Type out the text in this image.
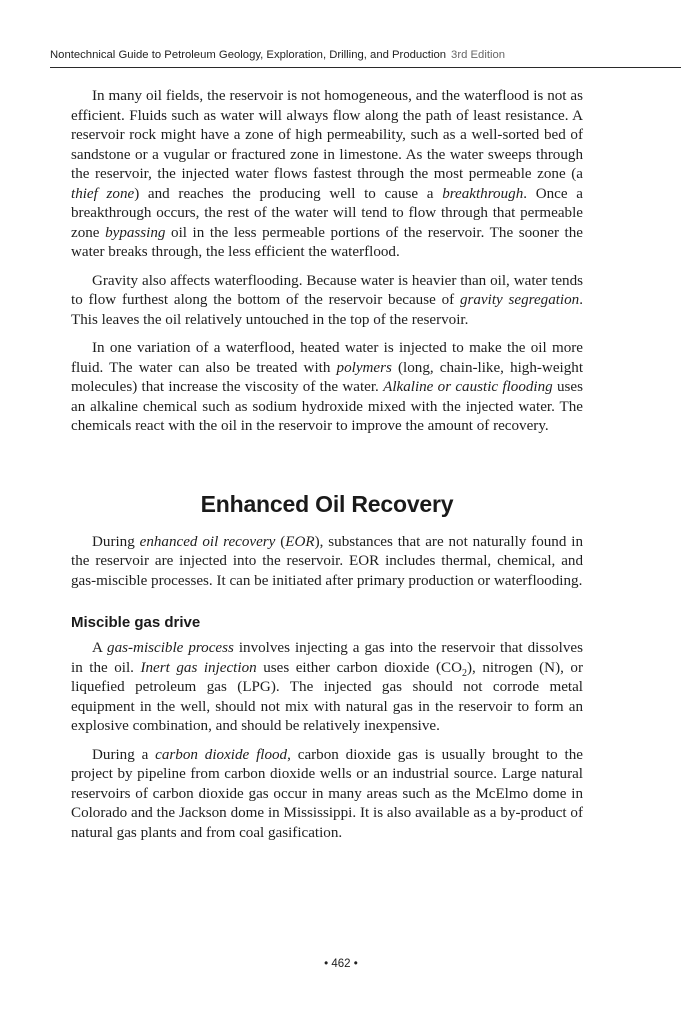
Nontechnical Guide to Petroleum Geology, Exploration, Drilling, and Production 3rd Edition

In many oil fields, the reservoir is not homogeneous, and the waterflood is not as efficient. Fluids such as water will always flow along the path of least resistance. A reservoir rock might have a zone of high permeability, such as a well-sorted bed of sandstone or a vugular or fractured zone in limestone. As the water sweeps through the reservoir, the injected water flows fastest through the most permeable zone (a thief zone) and reaches the producing well to cause a breakthrough. Once a breakthrough occurs, the rest of the water will tend to flow through that permeable zone bypassing oil in the less permeable portions of the reservoir. The sooner the water breaks through, the less efficient the waterflood.

Gravity also affects waterflooding. Because water is heavier than oil, water tends to flow furthest along the bottom of the reservoir because of gravity segregation. This leaves the oil relatively untouched in the top of the reservoir.

In one variation of a waterflood, heated water is injected to make the oil more fluid. The water can also be treated with polymers (long, chain-like, high-weight molecules) that increase the viscosity of the water. Alkaline or caustic flooding uses an alkaline chemical such as sodium hydroxide mixed with the injected water. The chemicals react with the oil in the reservoir to improve the amount of recovery.

Enhanced Oil Recovery

During enhanced oil recovery (EOR), substances that are not naturally found in the reservoir are injected into the reservoir. EOR includes thermal, chemical, and gas-miscible processes. It can be initiated after primary production or waterflooding.

Miscible gas drive

A gas-miscible process involves injecting a gas into the reservoir that dissolves in the oil. Inert gas injection uses either carbon dioxide $(CO_2)$, nitrogen (N), or liquefied petroleum gas (LPG). The injected gas should not corrode metal equipment in the well, should not mix with natural gas in the reservoir to form an explosive combination, and should be relatively inexpensive.

During a carbon dioxide flood, carbon dioxide gas is usually brought to the project by pipeline from carbon dioxide wells or an industrial source. Large natural reservoirs of carbon dioxide gas occur in many areas such as the McElmo dome in Colorado and the Jackson dome in Mississippi. It is also available as a by-product of natural gas plants and from coal gasification.

• 462 •
